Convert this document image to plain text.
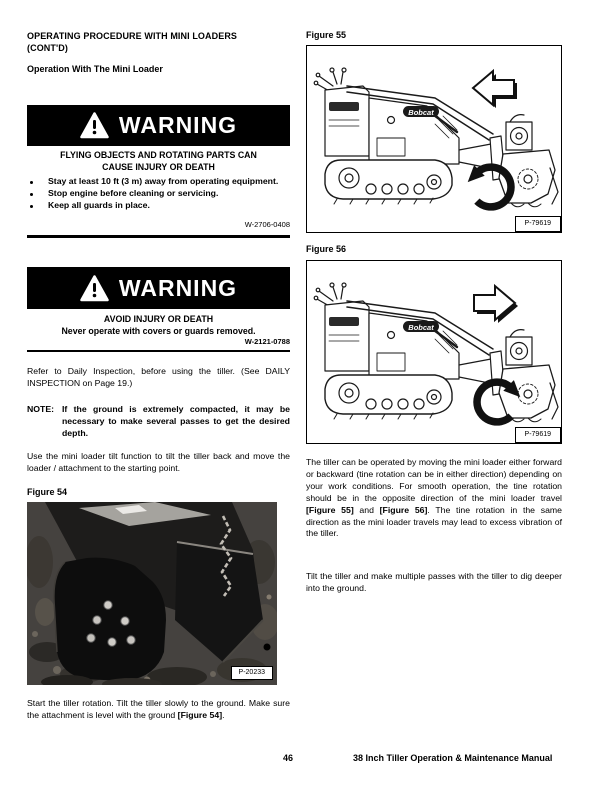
OPERATING PROCEDURE WITH MINI LOADERS
(CONT'D)
Operation With The Mini Loader
WARNING
FLYING OBJECTS AND ROTATING PARTS CAN
CAUSE INJURY OR DEATH
Stay at least 10 ft (3 m) away from operating equipment.
Stop engine before cleaning or servicing.
Keep all guards in place.
W-2706-0408
WARNING
AVOID INJURY OR DEATH
Never operate with covers or guards removed.
W-2121-0788
Refer to Daily Inspection, before using the tiller. (See DAILY INSPECTION on Page 19.)
NOTE: If the ground is extremely compacted, it may be necessary to make several passes to get the desired depth.
Use the mini loader tilt function to tilt the tiller back and move the loader / attachment to the starting point.
Figure 54
P-20233
Start the tiller rotation. Tilt the tiller slowly to the ground. Make sure the attachment is level with the ground [Figure 54].
Figure 55
Bobcat
P-79619
Figure 56
Bobcat
P-79619
The tiller can be operated by moving the mini loader either forward or backward (tine rotation can be in either direction) depending on your work conditions. For smooth operation, the tine rotation should be in the opposite direction of the mini loader travel [Figure 55] and [Figure 56]. The tine rotation in the same direction as the mini loader travels may lead to excess vibration of the tiller.
Tilt the tiller and make multiple passes with the tiller to dig deeper into the ground.
46	38 Inch Tiller Operation & Maintenance Manual
